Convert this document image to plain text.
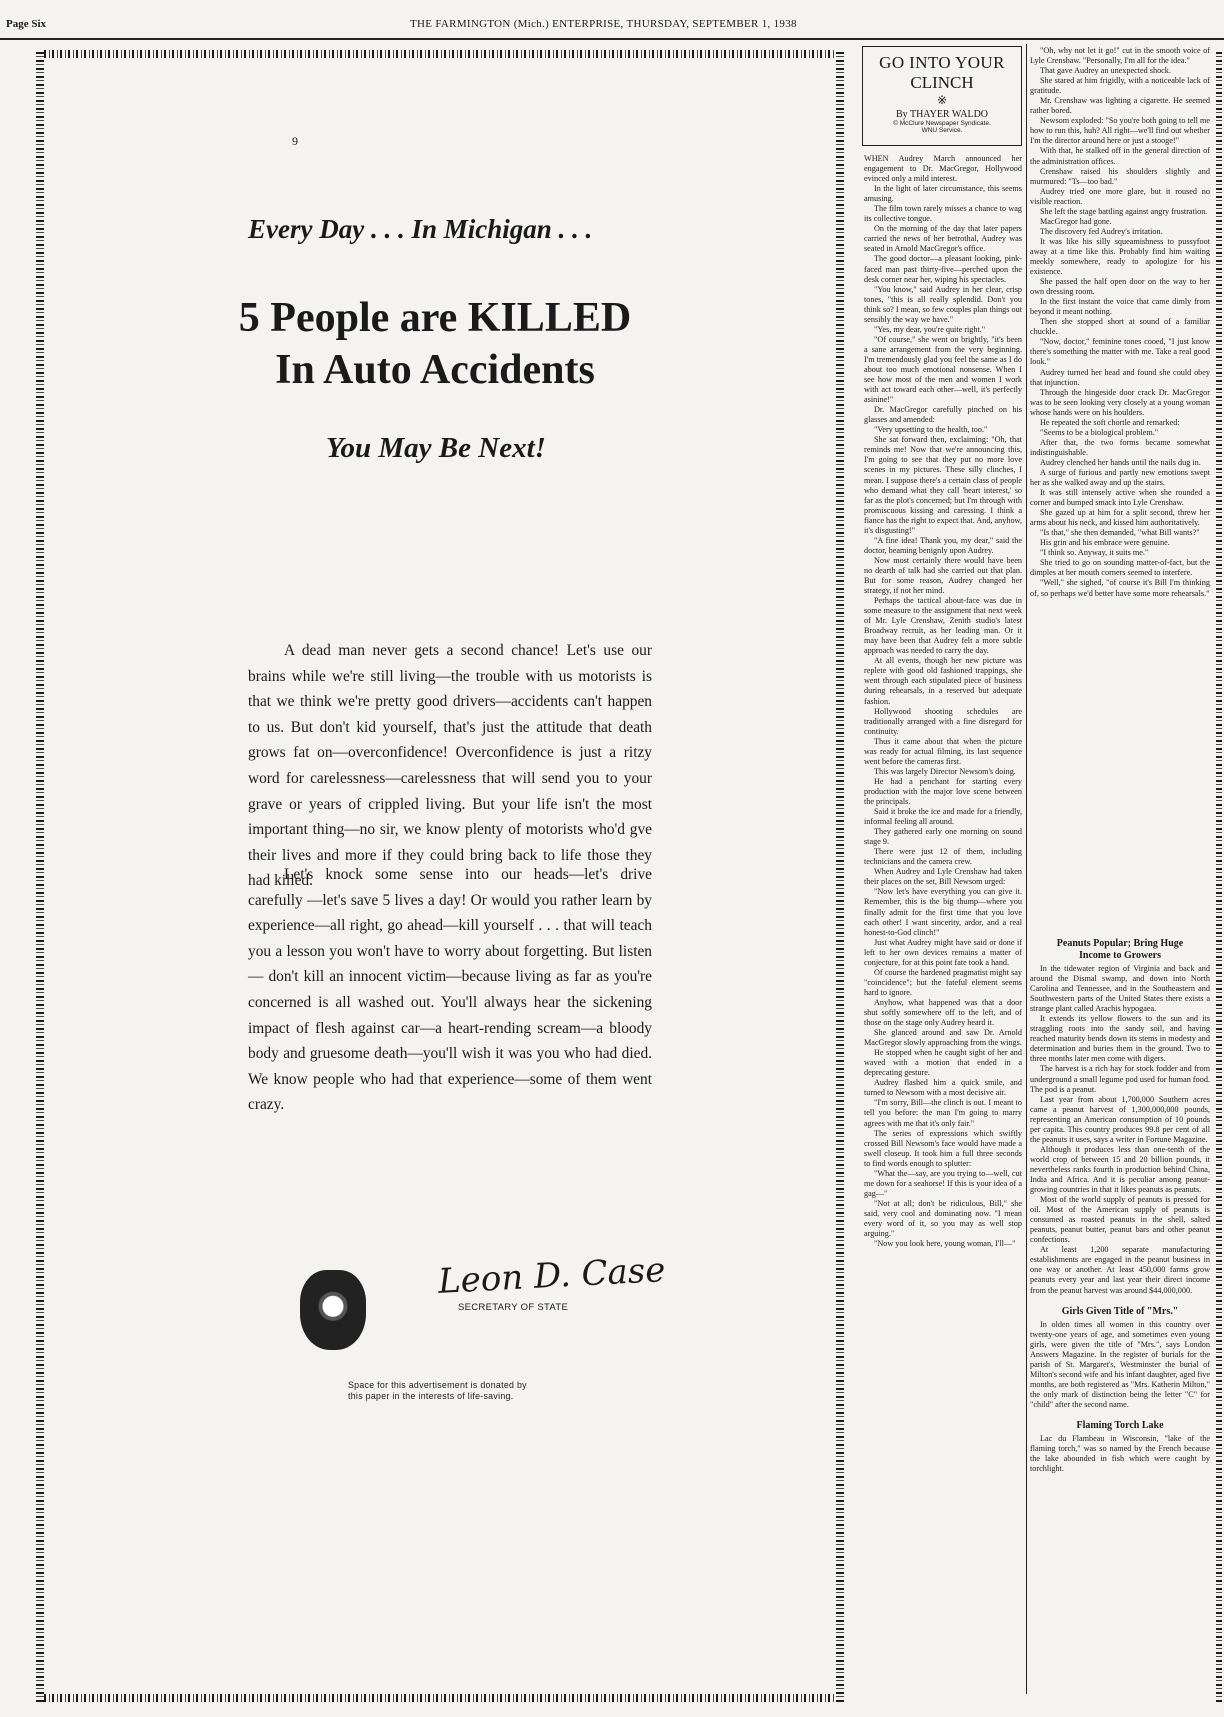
Page Six	THE FARMINGTON (Mich.) ENTERPRISE, THURSDAY, SEPTEMBER 1, 1938
9
Every Day . . . In Michigan . . .
5 People are KILLED
In Auto Accidents
You May Be Next!

A dead man never gets a second chance! Let's use our brains while we're still living—the trouble with us motorists is that we think we're pretty good drivers—accidents can't happen to us. But don't kid yourself, that's just the attitude that death grows fat on—overconfidence! Overconfidence is just a ritzy word for carelessness—carelessness that will send you to your grave or years of crippled living. But your life isn't the most important thing—no sir, we know plenty of motorists who'd gve their lives and more if they could bring back to life those they had killed.

Let's knock some sense into our heads—let's drive carefully —let's save 5 lives a day! Or would you rather learn by experience—all right, go ahead—kill yourself . . . that will teach you a lesson you won't have to worry about forgetting. But listen— don't kill an innocent victim—because living as far as you're concerned is all washed out. You'll always hear the sickening impact of flesh against car—a heart-rending scream—a bloody body and gruesome death—you'll wish it was you who had died. We know people who had that experience—some of them went crazy.

Leon D. Case
SECRETARY OF STATE
Space for this advertisement is donated by
this paper in the interests of life-saving.
GO INTO YOUR
CLINCH
※
By THAYER WALDO
© McClure Newspaper Syndicate.
WNU Service.

WHEN Audrey March announced her engagement to Dr. MacGregor, Hollywood evinced only a mild interest.

In the light of later circumstance, this seems amusing.

The film town rarely misses a chance to wag its collective tongue.

On the morning of the day that later papers carried the news of her betrothal, Audrey was seated in Arnold MacGregor's office.

The good doctor—a pleasant looking, pink-faced man past thirty-five—perched upon the desk corner near her, wiping his spectacles.

"You know," said Audrey in her clear, crisp tones, "this is all really splendid. Don't you think so? I mean, so few couples plan things out sensibly the way we have."

"Yes, my dear, you're quite right."

"Of course," she went on brightly, "it's been a sane arrangement from the very beginning. I'm tremendously glad you feel the same as I do about too much emotional nonsense. When I see how most of the men and women I work with act toward each other—well, it's perfectly asinine!"

Dr. MacGregor carefully pinched on his glasses and amended:

"Very upsetting to the health, too."

She sat forward then, exclaiming: "Oh, that reminds me! Now that we're announcing this, I'm going to see that they put no more love scenes in my pictures. These silly clinches, I mean. I suppose there's a certain class of people who demand what they call 'heart interest,' so far as the plot's concerned; but I'm through with promiscuous kissing and caressing. I think a fiance has the right to expect that. And, anyhow, it's disgusting!"

"A fine idea! Thank you, my dear," said the doctor, beaming benignly upon Audrey.

Now most certainly there would have been no dearth of talk had she carried out that plan. But for some reason, Audrey changed her strategy, if not her mind.

Perhaps the tactical about-face was due in some measure to the assignment that next week of Mr. Lyle Crenshaw, Zenith studio's latest Broadway recruit, as her leading man. Or it may have been that Audrey felt a more subtle approach was needed to carry the day.

At all events, though her new picture was replete with good old fashioned trappings, she went through each stipulated piece of business during rehearsals, in a reserved but adequate fashion.

Hollywood shooting schedules are traditionally arranged with a fine disregard for continuity.

Thus it came about that when the picture was ready for actual filming, its last sequence went before the cameras first.

This was largely Director Newsom's doing.

He had a penchant for starting every production with the major love scene between the principals.

Said it broke the ice and made for a friendly, informal feeling all around.

They gathered early one morning on sound stage 9.

There were just 12 of them, including technicians and the camera crew.

When Audrey and Lyle Crenshaw had taken their places on the set, Bill Newsom urged:

"Now let's have everything you can give it. Remember, this is the big thump—where you finally admit for the first time that you love each other! I want sincerity, ardor, and a real honest-to-God clinch!"

Just what Audrey might have said or done if left to her own devices remains a matter of conjecture, for at this point fate took a hand.

Of course the hardened pragmatist might say "coincidence"; but the fateful element seems hard to ignore.

Anyhow, what happened was that a door shut softly somewhere off to the left, and of those on the stage only Audrey heard it.

She glanced around and saw Dr. Arnold MacGregor slowly approaching from the wings.

He stopped when he caught sight of her and waved with a motion that ended in a deprecating gesture.

Audrey flashed him a quick smile, and turned to Newsom with a most decisive air.

"I'm sorry, Bill—the clinch is out. I meant to tell you before: the man I'm going to marry agrees with me that it's only fair."

The series of expressions which swiftly crossed Bill Newsom's face would have made a swell closeup. It took him a full three seconds to find words enough to splutter:

"What the—say, are you trying to—well, cut me down for a seahorse! If this is your idea of a gag—"

"Not at all; don't be ridiculous, Bill," she said, very cool and dominating now. "I mean every word of it, so you may as well stop arguing."

"Now you look here, young woman, I'll—"

"Oh, why not let it go!" cut in the smooth voice of Lyle Crenshaw. "Personally, I'm all for the idea."

That gave Audrey an unexpected shock.

She stared at him frigidly, with a noticeable lack of gratitude.

Mr. Crenshaw was lighting a cigarette. He seemed rather bored.

Newsom exploded: "So you're both going to tell me how to run this, huh? All right—we'll find out whether I'm the director around here or just a stooge!"

With that, he stalked off in the general direction of the administration offices.

Crenshaw raised his shoulders slightly and murmured: "Ts—too bad."

Audrey tried one more glare, but it roused no visible reaction.

She left the stage battling against angry frustration.

MacGregor had gone.

The discovery fed Audrey's irritation.

It was like his silly squeamishness to pussyfoot away at a time like this. Probably find him waiting meekly somewhere, ready to apologize for his existence.

She passed the half open door on the way to her own dressing room.

In the first instant the voice that came dimly from beyond it meant nothing.

Then she stopped short at sound of a familiar chuckle.

"Now, doctor," feminine tones cooed, "I just know there's something the matter with me. Take a real good look."

Audrey turned her head and found she could obey that injunction.

Through the hingeside door crack Dr. MacGregor was to be seen looking very closely at a young woman whose hands were on his houlders.

He repeated the soft chortle and remarked:

"Seems to be a biological problem."

After that, the two forms became somewhat indistinguishable.

Audrey clenched her hands until the nails dug in.

A surge of furious and partly new emotions swept her as she walked away and up the stairs.

It was still intensely active when she rounded a corner and bumped smack into Lyle Crenshaw.

She gazed up at him for a split second, threw her arms about his neck, and kissed him authoritatively.

"Is that," she then demanded, "what Bill wants?"

His grin and his embrace were genuine.

"I think so. Anyway, it suits me."

She tried to go on sounding matter-of-fact, but the dimples at her mouth corners seemed to interfere.

"Well," she sighed, "of course it's Bill I'm thinking of, so perhaps we'd better have some more rehearsals."

Peanuts Popular; Bring Huge Income to Growers

In the tidewater region of Virginia and back and around the Dismal swamp, and down into North Carolina and Tennessee, and in the Southeastern and Southwestern parts of the United States there exists a strange plant called Arachis hypogaea.

It extends its yellow flowers to the sun and its straggling roots into the sandy soil, and having reached maturity bends down its stems in modesty and determination and buries them in the ground. Two to three months later men come with digers.

The harvest is a rich hay for stock fodder and from underground a small legume pod used for human food. The pod is a peanut.

Last year from about 1,700,000 Southern acres came a peanut harvest of 1,300,000,000 pounds, representing an American consumption of 10 pounds per capita. This country produces 99.8 per cent of all the peanuts it uses, says a writer in Fortune Magazine.

Although it produces less than one-tenth of the world crop of between 15 and 20 billion pounds, it nevertheless ranks fourth in production behind China, India and Africa. And it is peculiar among peanut-growing countries in that it likes peanuts as peanuts.

Most of the world supply of peanuts is pressed for oil. Most of the American supply of peanuts is consumed as roasted peanuts in the shell, salted peanuts, peanut butter, peanut bars and other peanut confections.

At least 1,200 separate manufacturing establishments are engaged in the peanut business in one way or another. At least 450,000 farms grow peanuts every year and last year their direct income from the peanut harvest was around $44,000,000.

Girls Given Title of "Mrs."

In olden times all women in this country over twenty-one years of age, and sometimes even young girls, were given the title of "Mrs.", says London Answers Magazine. In the register of burials for the parish of St. Margaret's, Westminster the burial of Milton's second wife and his infant daughter, aged five months, are both registered as "Mrs. Katherin Milton," the only mark of distinction being the letter "C" for "child" after the second name.

Flaming Torch Lake

Lac du Flambeau in Wisconsin, "lake of the flaming torch," was so named by the French because the lake abounded in fish which were caught by torchlight.
